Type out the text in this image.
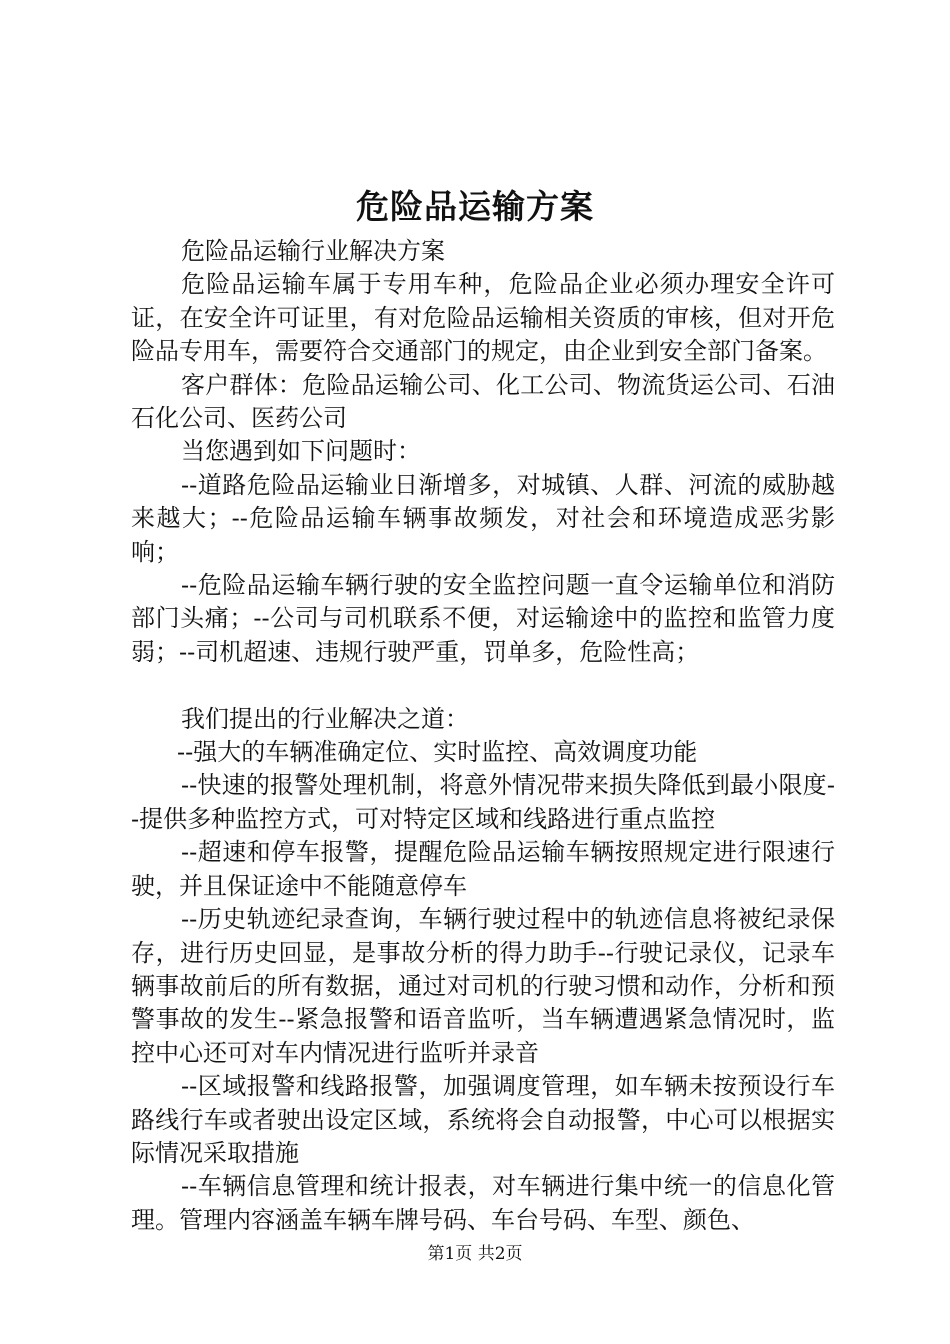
危险品运输方案

危险品运输行业解决方案

危险品运输车属于专用车种，危险品企业必须办理安全许可证，在安全许可证里，有对危险品运输相关资质的审核，但对开危险品专用车，需要符合交通部门的规定，由企业到安全部门备案。

客户群体：危险品运输公司、化工公司、物流货运公司、石油石化公司、医药公司

当您遇到如下问题时：

--道路危险品运输业日渐增多，对城镇、人群、河流的威胁越来越大；--危险品运输车辆事故频发，对社会和环境造成恶劣影响；

--危险品运输车辆行驶的安全监控问题一直令运输单位和消防部门头痛；--公司与司机联系不便，对运输途中的监控和监管力度弱；--司机超速、违规行驶严重，罚单多，危险性高；

我们提出的行业解决之道：

--强大的车辆准确定位、实时监控、高效调度功能

--快速的报警处理机制，将意外情况带来损失降低到最小限度--提供多种监控方式，可对特定区域和线路进行重点监控

--超速和停车报警，提醒危险品运输车辆按照规定进行限速行驶，并且保证途中不能随意停车

--历史轨迹纪录查询，车辆行驶过程中的轨迹信息将被纪录保存，进行历史回显，是事故分析的得力助手--行驶记录仪，记录车辆事故前后的所有数据，通过对司机的行驶习惯和动作，分析和预警事故的发生--紧急报警和语音监听，当车辆遭遇紧急情况时，监控中心还可对车内情况进行监听并录音

--区域报警和线路报警，加强调度管理，如车辆未按预设行车路线行车或者驶出设定区域，系统将会自动报警，中心可以根据实际情况采取措施

--车辆信息管理和统计报表，对车辆进行集中统一的信息化管理。管理内容涵盖车辆车牌号码、车台号码、车型、颜色、

第1页 共2页
